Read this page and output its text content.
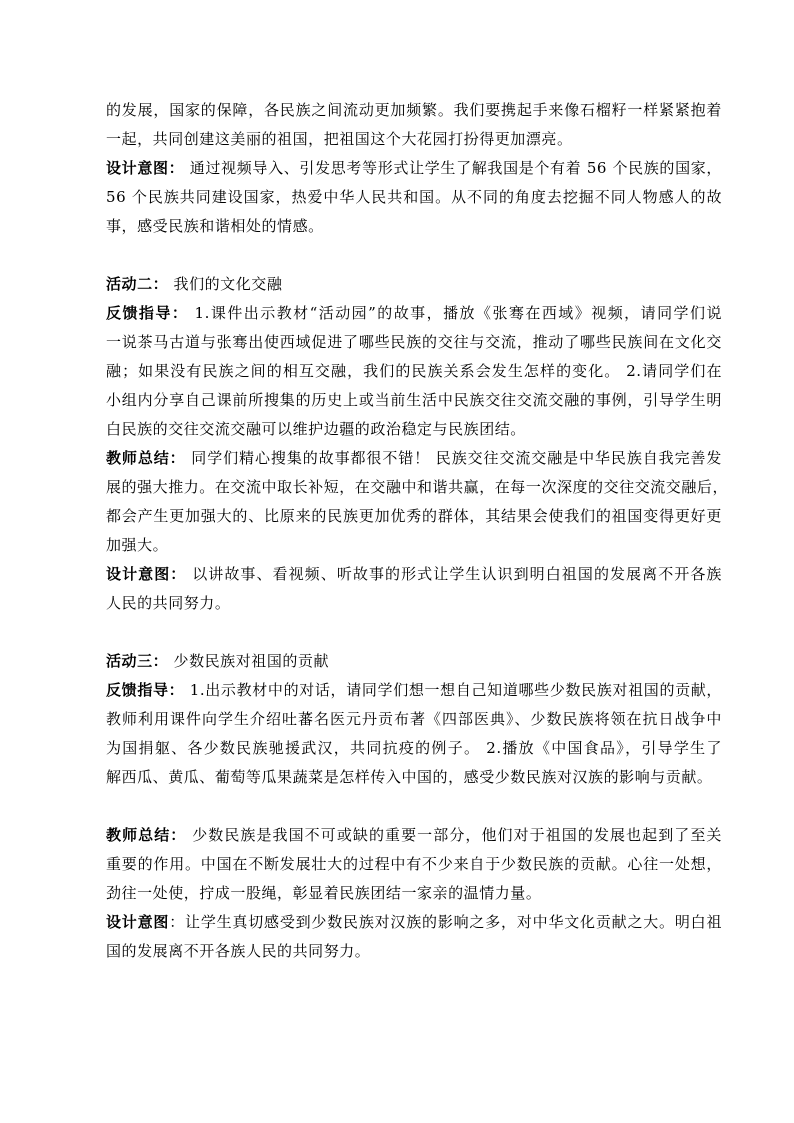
的发展，国家的保障，各民族之间流动更加频繁。我们要携起手来像石榴籽一样紧紧抱着
一起，共同创建这美丽的祖国，把祖国这个大花园打扮得更加漂亮。
设计意图： 通过视频导入、引发思考等形式让学生了解我国是个有着 56 个民族的国家，
56 个民族共同建设国家，热爱中华人民共和国。从不同的角度去挖掘不同人物感人的故
事，感受民族和谐相处的情感。
活动二： 我们的文化交融
反馈指导： 1.课件出示教材“活动园”的故事，播放《张骞在西域》视频，请同学们说
一说茶马古道与张骞出使西域促进了哪些民族的交往与交流，推动了哪些民族间在文化交
融；如果没有民族之间的相互交融，我们的民族关系会发生怎样的变化。 2.请同学们在
小组内分享自己课前所搜集的历史上或当前生活中民族交往交流交融的事例，引导学生明
白民族的交往交流交融可以维护边疆的政治稳定与民族团结。
教师总结： 同学们精心搜集的故事都很不错！ 民族交往交流交融是中华民族自我完善发
展的强大推力。在交流中取长补短，在交融中和谐共赢，在每一次深度的交往交流交融后，
都会产生更加强大的、比原来的民族更加优秀的群体，其结果会使我们的祖国变得更好更
加强大。
设计意图： 以讲故事、看视频、听故事的形式让学生认识到明白祖国的发展离不开各族
人民的共同努力。
活动三： 少数民族对祖国的贡献
反馈指导： 1.出示教材中的对话，请同学们想一想自己知道哪些少数民族对祖国的贡献，
教师利用课件向学生介绍吐蕃名医元丹贡布著《四部医典》、少数民族将领在抗日战争中
为国捐躯、各少数民族驰援武汉，共同抗疫的例子。 2.播放《中国食品》，引导学生了
解西瓜、黄瓜、葡萄等瓜果蔬菜是怎样传入中国的，感受少数民族对汉族的影响与贡献。
教师总结： 少数民族是我国不可或缺的重要一部分，他们对于祖国的发展也起到了至关
重要的作用。中国在不断发展壮大的过程中有不少来自于少数民族的贡献。心往一处想，
劲往一处使，拧成一股绳，彰显着民族团结一家亲的温情力量。
设计意图：让学生真切感受到少数民族对汉族的影响之多，对中华文化贡献之大。明白祖
国的发展离不开各族人民的共同努力。
